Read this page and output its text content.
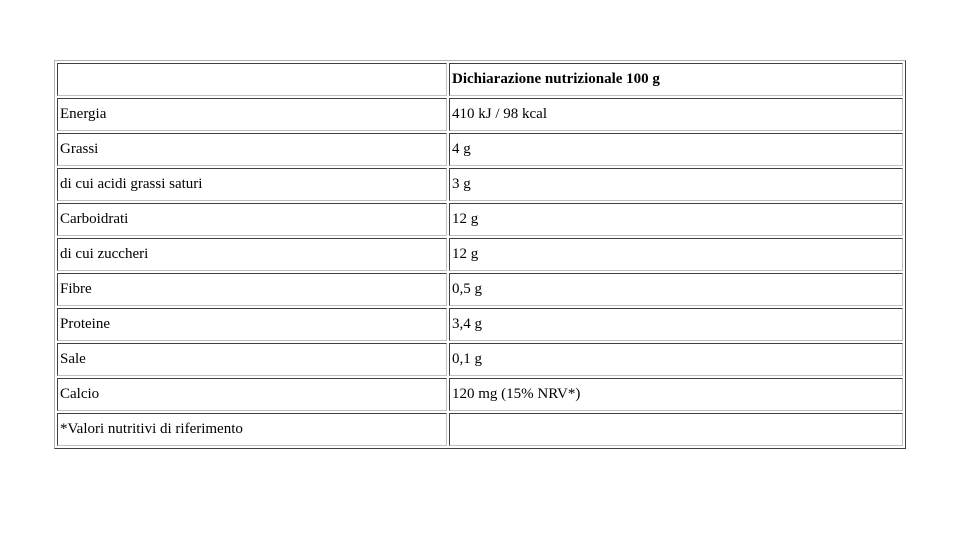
	Dichiarazione nutrizionale 100 g
Energia	410 kJ / 98 kcal
Grassi	4 g
di cui acidi grassi saturi	3 g
Carboidrati	12 g
di cui zuccheri	12 g
Fibre	0,5 g
Proteine	3,4 g
Sale	0,1 g
Calcio	120 mg (15% NRV*)
*Valori nutritivi di riferimento	
